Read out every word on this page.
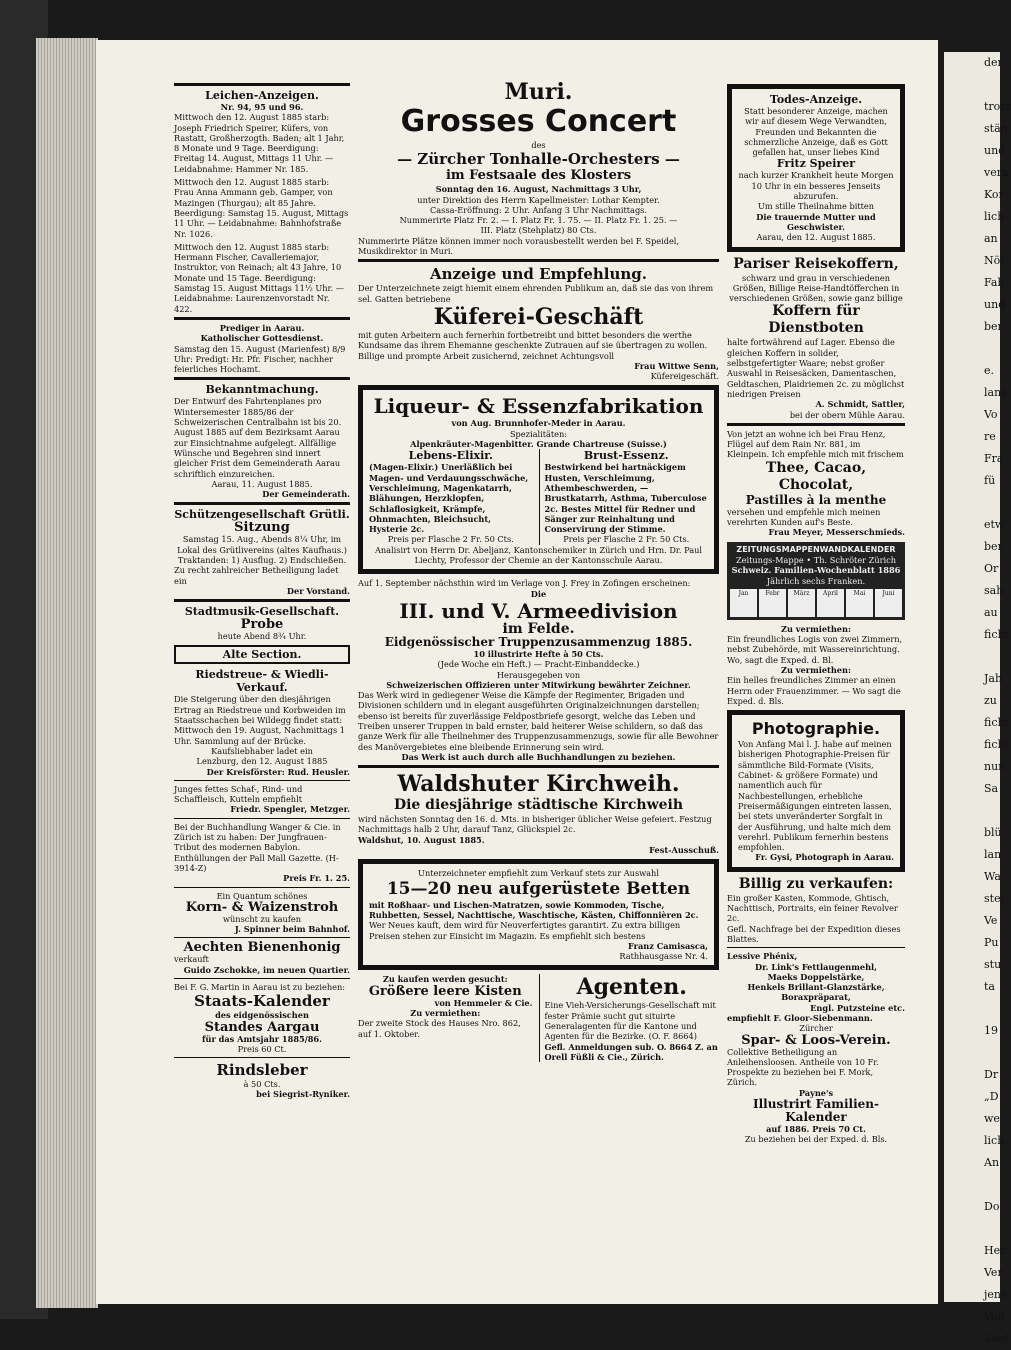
der

trotz
stän
und
verk
Kor
lich
an
Nöt
Fab
und
ber

e.
lant
Vo
re
Fra
fü

etw
ber
Or
sah
au
ficht

Jah
zu
ficht
ficht
nun
Sa

blü
lan
Wa
stel
Ve
Pu
stu
ta

19

Dr
„D
we
lich
An

Do

Her
Ver
jene
Veit
Seel
Leichen-Anzeigen.
Nr. 94, 95 und 96.
Mittwoch den 12. August 1885 starb: Joseph Friedrich Speirer, Küfers, von Rastatt, Großherzogth. Baden; alt 1 Jahr, 8 Monate und 9 Tage. Beerdigung: Freitag 14. August, Mittags 11 Uhr. — Leidabnahme: Hammer Nr. 185.
Mittwoch den 12. August 1885 starb: Frau Anna Ammann geb. Gamper, von Mazingen (Thurgau); alt 85 Jahre. Beerdigung: Samstag 15. August, Mittags 11 Uhr. — Leidabnahme: Bahnhofstraße Nr. 1026.
Mittwoch den 12. August 1885 starb: Hermann Fischer, Cavalleriemajor, Instruktor, von Reinach; alt 43 Jahre, 10 Monate und 15 Tage. Beerdigung: Samstag 15. August Mittags 11½ Uhr. — Leidabnahme: Laurenzenvorstadt Nr. 422.
Prediger in Aarau.
Katholischer Gottesdienst.
Samstag den 15. August (Marienfest) 8/9 Uhr: Predigt: Hr. Pfr. Fischer, nachher feierliches Hochamt.
Bekanntmachung.
Der Entwurf des Fahrtenplanes pro Wintersemester 1885/86 der Schweizerischen Centralbahn ist bis 20. August 1885 auf dem Bezirksamt Aarau zur Einsichtnahme aufgelegt. Allfällige Wünsche und Begehren sind innert gleicher Frist dem Gemeinderath Aarau schriftlich einzureichen.
Aarau, 11. August 1885.
Der Gemeinderath.
Schützengesellschaft Grütli.
Sitzung
Samstag 15. Aug., Abends 8¼ Uhr, im Lokal des Grütlivereins (altes Kaufhaus.)
Traktanden: 1) Ausflug. 2) Endschießen.
Zu recht zahlreicher Betheiligung ladet ein
Der Vorstand.
Stadtmusik-Gesellschaft.
Probe
heute Abend 8¾ Uhr.
Alte Section.
Riedstreue- & Wiedli-Verkauf.
Die Steigerung über den diesjährigen Ertrag an Riedstreue und Korbweiden im Staatsschachen bei Wildegg findet statt: Mittwoch den 19. August, Nachmittags 1 Uhr. Sammlung auf der Brücke.
Kaufsliebhaber ladet ein
Lenzburg, den 12. August 1885
Der Kreisförster: Rud. Heusler.
Junges fettes Schaf-, Rind- und Schaffleisch, Kutteln empfiehlt
Friedr. Spengler, Metzger.
Bei der Buchhandlung Wanger & Cie. in Zürich ist zu haben: Der Jungfrauen-Tribut des modernen Babylon. Enthüllungen der Pall Mall Gazette. (H-3914-Z)
Preis Fr. 1. 25.
Ein Quantum schönes
Korn- & Waizenstroh
wünscht zu kaufen
J. Spinner beim Bahnhof.
Aechten Bienenhonig
verkauft
Guido Zschokke, im neuen Quartier.
Bei F. G. Martin in Aarau ist zu beziehen:
Staats-Kalender
des eidgenössischen
Standes Aargau
für das Amtsjahr 1885/86.
Preis 60 Ct.
Rindsleber
à 50 Cts.
bei Siegrist-Ryniker.
Muri.
Grosses Concert
des
— Zürcher Tonhalle-Orchesters —
im Festsaale des Klosters
Sonntag den 16. August, Nachmittags 3 Uhr,
unter Direktion des Herrn Kapellmeister: Lothar Kempter.
Cassa-Eröffnung: 2 Uhr. Anfang 3 Uhr Nachmittags.
Nummerirte Platz Fr. 2. — I. Platz Fr. 1. 75. — II. Platz Fr. 1. 25. —
III. Platz (Stehplatz) 80 Cts.
Nummerirte Plätze können immer noch vorausbestellt werden bei F. Speidel, Musikdirektor in Muri.
Anzeige und Empfehlung.
Der Unterzeichnete zeigt hiemit einem ehrenden Publikum an, daß sie das von ihrem sel. Gatten betriebene
Küferei-Geschäft
mit guten Arbeitern auch fernerhin fortbetreibt und bittet besonders die werthe Kundsame das ihrem Ehemanne geschenkte Zutrauen auf sie übertragen zu wollen. Billige und prompte Arbeit zusichernd, zeichnet Achtungsvoll
Frau Wittwe Senn,
Küfereigeschäft.
Liqueur- & Essenzfabrikation
von Aug. Brunnhofer-Meder in Aarau.
Spezialitäten:
Alpenkräuter-Magenbitter. Grande Chartreuse (Suisse.)
Lebens-Elixir.
(Magen-Elixir.) Unerläßlich bei Magen- und Verdauungsschwäche, Verschleimung, Magenkatarrh, Blähungen, Herzklopfen, Schlaflosigkeit, Krämpfe, Ohnmachten, Bleichsucht, Hysterie 2c.
Preis per Flasche 2 Fr. 50 Cts.
Brust-Essenz.
Bestwirkend bei hartnäckigem Husten, Verschleimung, Athembeschwerden, — Brustkatarrh, Asthma, Tuberculose 2c. Bestes Mittel für Redner und Sänger zur Reinhaltung und Conservirung der Stimme.
Preis per Flasche 2 Fr. 50 Cts.
Analisirt von Herrn Dr. Abeljanz, Kantonschemiker in Zürich und Hrn. Dr. Paul Liechty, Professor der Chemie an der Kantonsschule Aarau.
Auf 1. September nächsthin wird im Verlage von J. Frey in Zofingen erscheinen:
Die
III. und V. Armeedivision
im Felde.
Eidgenössischer Truppenzusammenzug 1885.
10 illustrirte Hefte à 50 Cts.
(Jede Woche ein Heft.) — Pracht-Einbanddecke.)
Herausgegeben von
Schweizerischen Offizieren unter Mitwirkung bewährter Zeichner.
Das Werk wird in gediegener Weise die Kämpfe der Regimenter, Brigaden und Divisionen schildern und in elegant ausgeführten Originalzeichnungen darstellen; ebenso ist bereits für zuverlässige Feldpostbriefe gesorgt, welche das Leben und Treiben unserer Truppen in bald ernster, bald heiterer Weise schildern, so daß das ganze Werk für alle Theilnehmer des Truppenzusammenzugs, sowie für alle Bewohner des Manövergebietes eine bleibende Erinnerung sein wird.
Das Werk ist auch durch alle Buchhandlungen zu beziehen.
Waldshuter Kirchweih.
Die diesjährige städtische Kirchweih
wird nächsten Sonntag den 16. d. Mts. in bisheriger üblicher Weise gefeiert. Festzug Nachmittags halb 2 Uhr, darauf Tanz, Glückspiel 2c.
Waldshut, 10. August 1885.
Fest-Ausschuß.
Unterzeichneter empfiehlt zum Verkauf stets zur Auswahl
15—20 neu aufgerüstete Betten
mit Roßhaar- und Lischen-Matratzen, sowie Kommoden, Tische, Ruhbetten, Sessel, Nachttische, Waschtische, Kästen, Chiffonnièren 2c.
Wer Neues kauft, dem wird für Neuverfertigtes garantirt. Zu extra billigen Preisen stehen zur Einsicht im Magazin. Es empfiehlt sich bestens
Franz Camisasca,
Rathhausgasse Nr. 4.
Zu kaufen werden gesucht:
Größere leere Kisten
von Hemmeler & Cie.
Zu vermiethen:
Der zweite Stock des Hauses Nro. 862, auf 1. Oktober.
Agenten.
Eine Vieh-Versicherungs-Gesellschaft mit fester Prämie sucht gut situirte Generalagenten für die Kantone und Agenten für die Bezirke. (O. F. 8664)
Gefl. Anmeldungen sub. O. 8664 Z. an Orell Füßli & Cie., Zürich.
Todes-Anzeige.
Statt besonderer Anzeige, machen wir auf diesem Wege Verwandten, Freunden und Bekannten die schmerzliche Anzeige, daß es Gott gefallen hat, unser liebes Kind
Fritz Speirer
nach kurzer Krankheit heute Morgen 10 Uhr in ein besseres Jenseits abzurufen.
Um stille Theilnahme bitten
Die trauernde Mutter und Geschwister.
Aarau, den 12. August 1885.
Pariser Reisekoffern,
schwarz und grau in verschiedenen Größen, Billige Reise-Handtöfferchen in verschiedenen Größen, sowie ganz billige
Koffern für Dienstboten
halte fortwährend auf Lager. Ebenso die gleichen Koffern in solider, selbstgefertigter Waare; nebst großer Auswahl in Reisesäcken, Damentaschen, Geldtaschen, Plaidriemen 2c. zu möglichst niedrigen Preisen
A. Schmidt, Sattler,
bei der obern Mühle Aarau.
Von jetzt an wohne ich bei Frau Henz, Flügel auf dem Rain Nr. 881, im Kleinpein. Ich empfehle mich mit frischem
Thee, Cacao, Chocolat,
Pastilles à la menthe
versehen und empfehle mich meinen verehrten Kunden auf's Beste.
Frau Meyer, Messerschmieds.
ZEITUNGSMAPPENWANDKALENDER
Zeitungs-Mappe • Th. Schröter Zürich
Schweiz. Familien-Wochenblatt 1886
Jährlich sechs Franken.
Jan	Febr	März	April	Mai	Juni
Zu vermiethen:
Ein freundliches Logis von zwei Zimmern, nebst Zubehörde, mit Wassereinrichtung. Wo, sagt die Exped. d. Bl.
Zu vermiethen:
Ein helles freundliches Zimmer an einen Herrn oder Frauenzimmer. — Wo sagt die Exped. d. Bls.
Photographie.
Von Anfang Mai l. J. habe auf meinen bisherigen Photographie-Preisen für sämmtliche Bild-Formate (Visits, Cabinet- & größere Formate) und namentlich auch für Nachbestellungen, erhebliche Preisermäßigungen eintreten lassen, bei stets unveränderter Sorgfalt in der Ausführung, und halte mich dem verehrl. Publikum fernerhin bestens empfohlen.
Fr. Gysi, Photograph in Aarau.
Billig zu verkaufen:
Ein großer Kasten, Kommode, Ghtisch, Nachttisch, Portraits, ein feiner Revolver 2c.
Gefl. Nachfrage bei der Expedition dieses Blattes.
Lessive Phénix,
Dr. Link's Fettlaugenmehl,
Maeks Doppelstärke,
Henkels Brillant-Glanzstärke,
Boraxpräparat,
Engl. Putzsteine etc.
empfiehlt F. Gloor-Siebenmann.
Zürcher
Spar- & Loos-Verein.
Collektive Betheiligung an Anleihensloosen. Antheile von 10 Fr. Prospekte zu beziehen bei F. Mork, Zürich.
Payne's
Illustrirt Familien-Kalender
auf 1886. Preis 70 Ct.
Zu beziehen bei der Exped. d. Bls.
